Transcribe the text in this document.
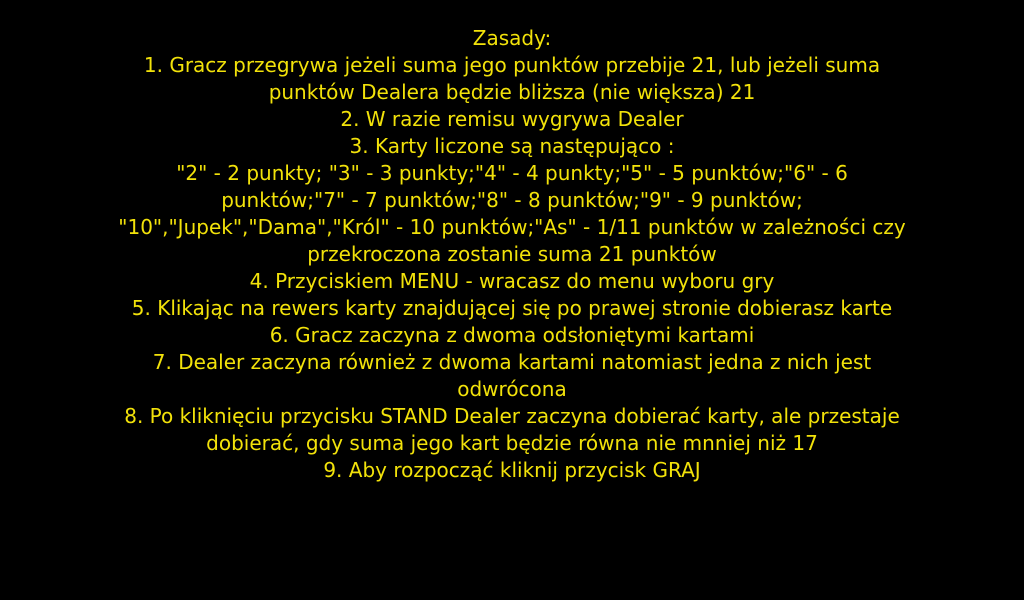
Zasady:
1. Gracz przegrywa jeżeli suma jego punktów przebije 21, lub jeżeli suma
punktów Dealera będzie bliższa (nie większa) 21
2. W razie remisu wygrywa Dealer
3. Karty liczone są następująco :
"2" - 2 punkty; "3" - 3 punkty;"4" - 4 punkty;"5" - 5 punktów;"6" - 6
punktów;"7" - 7 punktów;"8" - 8 punktów;"9" - 9 punktów;
"10","Jupek","Dama","Król" - 10 punktów;"As" - 1/11 punktów w zależności czy
przekroczona zostanie suma 21 punktów
4. Przyciskiem MENU - wracasz do menu wyboru gry
5. Klikając na rewers karty znajdującej się po prawej stronie dobierasz karte
6. Gracz zaczyna z dwoma odsłoniętymi kartami
7. Dealer zaczyna również z dwoma kartami natomiast jedna z nich jest
odwrócona
8. Po kliknięciu przycisku STAND Dealer zaczyna dobierać karty, ale przestaje
dobierać, gdy suma jego kart będzie równa nie mnniej niż 17
9. Aby rozpocząć kliknij przycisk GRAJ
